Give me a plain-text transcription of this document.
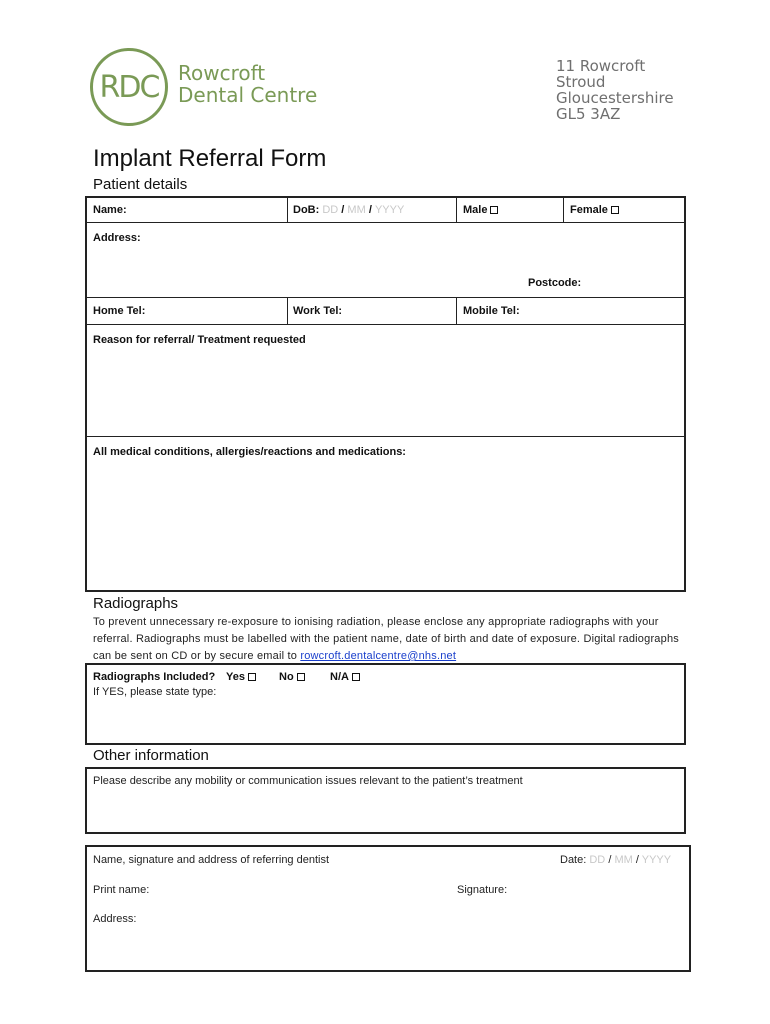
RDC Rowcroft
Dental Centre
11 Rowcroft
Stroud
Gloucestershire
GL5 3AZ
Implant Referral Form
Patient details
Name:	DoB: DD / MM / YYYY	Male	Female
Address:
Postcode:
Home Tel:	Work Tel:	Mobile Tel:
Reason for referral/ Treatment requested
All medical conditions, allergies/reactions and medications:
Radiographs
To prevent unnecessary re-exposure to ionising radiation, please enclose any appropriate radiographs with your referral. Radiographs must be labelled with the patient name, date of birth and date of exposure. Digital radiographs can be sent on CD or by secure email to rowcroft.dentalcentre@nhs.net
Radiographs Included? Yes	No	N/A
If YES, please state type:
Other information
Please describe any mobility or communication issues relevant to the patient’s treatment
Name, signature and address of referring dentist	Date: DD / MM / YYYY
Print name:	Signature:
Address:
